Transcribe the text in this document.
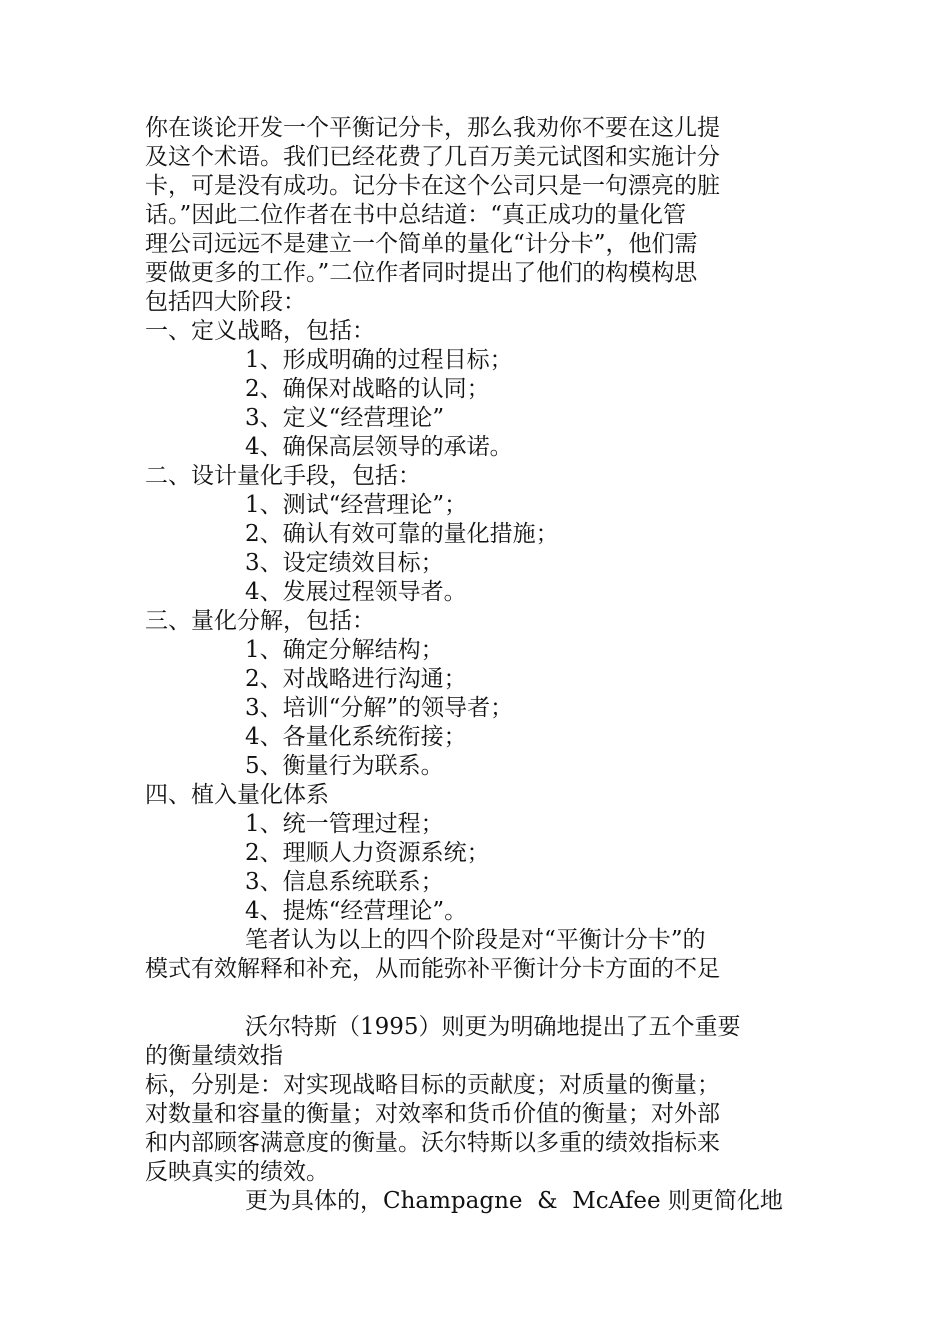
你在谈论开发一个平衡记分卡，那么我劝你不要在这儿提
及这个术语。我们已经花费了几百万美元试图和实施计分
卡，可是没有成功。记分卡在这个公司只是一句漂亮的脏
话。”因此二位作者在书中总结道：“真正成功的量化管
理公司远远不是建立一个简单的量化“计分卡”，他们需
要做更多的工作。”二位作者同时提出了他们的构模构思
包括四大阶段：
一、定义战略，包括：
1、形成明确的过程目标；
2、确保对战略的认同；
3、定义“经营理论”
4、确保高层领导的承诺。
二、设计量化手段，包括：
1、测试“经营理论”；
2、确认有效可靠的量化措施；
3、设定绩效目标；
4、发展过程领导者。
三、量化分解，包括：
1、确定分解结构；
2、对战略进行沟通；
3、培训“分解”的领导者；
4、各量化系统衔接；
5、衡量行为联系。
四、植入量化体系
1、统一管理过程；
2、理顺人力资源系统；
3、信息系统联系；
4、提炼“经营理论”。
笔者认为以上的四个阶段是对“平衡计分卡”的
模式有效解释和补充，从而能弥补平衡计分卡方面的不足
沃尔特斯（1995）则更为明确地提出了五个重要
的衡量绩效指
标，分别是：对实现战略目标的贡献度；对质量的衡量；
对数量和容量的衡量；对效率和货币价值的衡量；对外部
和内部顾客满意度的衡量。沃尔特斯以多重的绩效指标来
反映真实的绩效。
更为具体的，Champagne  &  McAfee 则更简化地
